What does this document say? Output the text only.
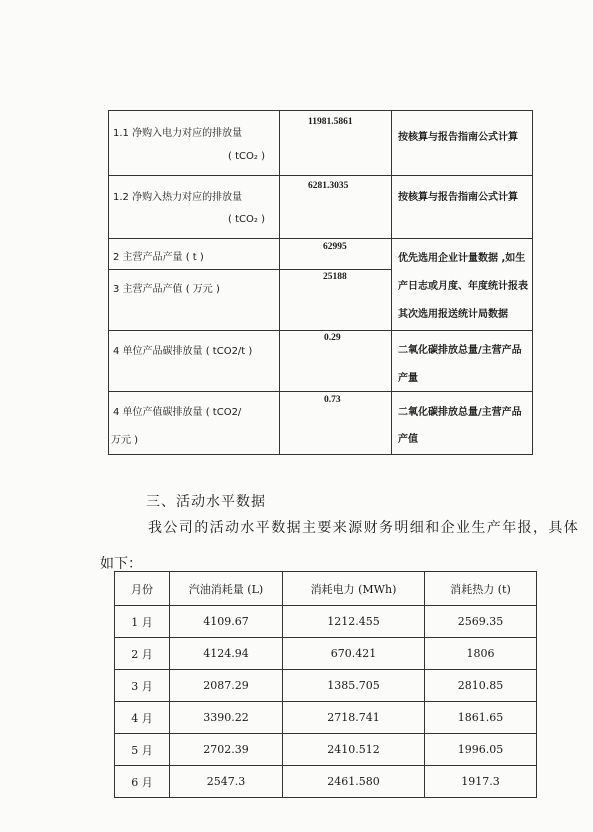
1.1 净购入电力对应的排放量
( tCO₂ )	11981.5861	按核算与报告指南公式计算

1.2 净购入热力对应的排放量
( tCO₂ )	6281.3035	按核算与报告指南公式计算

2 主营产品产量 ( t )	62995	优先选用企业计量数据 ,如生
产日志或月度、年度统计报表
其次选用报送统计局数据

3 主营产品产值 ( 万元 )	25188	

4 单位产品碳排放量 ( tCO2/t )	0.29	二氧化碳排放总量/主营产品
产量

4 单位产值碳排放量 ( tCO2/
万元 )	0.73	二氧化碳排放总量/主营产品
产值
三、活动水平数据
我公司的活动水平数据主要来源财务明细和企业生产年报，具体
如下：
月份	汽油消耗量 (L)	消耗电力 (MWh)	消耗热力 (t)
1 月	4109.67	1212.455	2569.35
2 月	4124.94	670.421	1806
3 月	2087.29	1385.705	2810.85
4 月	3390.22	2718.741	1861.65
5 月	2702.39	2410.512	1996.05
6 月	2547.3	2461.580	1917.3
